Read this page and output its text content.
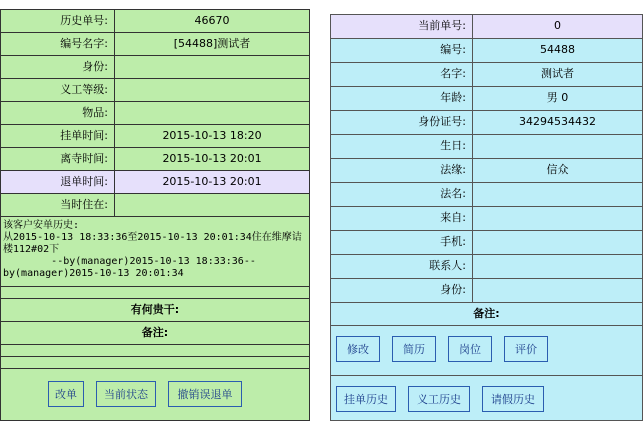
历史单号:	46670
编号名字:	[54488]测试者
身份:
义工等级:
物品:
挂单时间:	2015-10-13 18:20
离寺时间:	2015-10-13 20:01
退单时间:	2015-10-13 20:01
当时住在:
该客户安单历史:
从2015-10-13 18:33:36至2015-10-13 20:01:34住在维摩诘楼112#02下
--by(manager)2015-10-13 18:33:36--
by(manager)2015-10-13 20:01:34
有何贵干:
备注:
改单	当前状态	撤销误退单
当前单号:	0
编号:	54488
名字:	测试者
年龄:	男 0
身份证号:	34294534432
生日:
法缘:	信众
法名:
来自:
手机:
联系人:
身份:
备注:
修改	简历	岗位	评价
挂单历史	义工历史	请假历史
